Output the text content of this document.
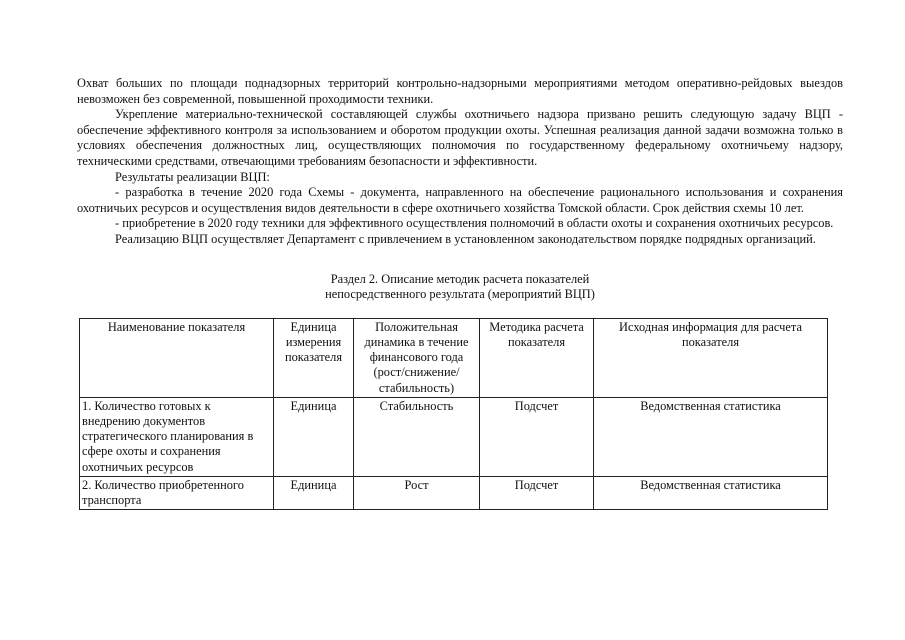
Охват больших по площади поднадзорных территорий контрольно-надзорными мероприятиями методом оперативно-рейдовых выездов невозможен без современной, повышенной проходимости техники.

Укрепление материально-технической составляющей службы охотничьего надзора призвано решить следующую задачу ВЦП - обеспечение эффективного контроля за использованием и оборотом продукции охоты. Успешная реализация данной задачи возможна только в условиях обеспечения должностных лиц, осуществляющих полномочия по государственному федеральному охотничьему надзору, техническими средствами, отвечающими требованиям безопасности и эффективности.

Результаты реализации ВЦП:

- разработка в течение 2020 года Схемы - документа, направленного на обеспечение рационального использования и сохранения охотничьих ресурсов и осуществления видов деятельности в сфере охотничьего хозяйства Томской области. Срок действия схемы 10 лет.

- приобретение в 2020 году техники для эффективного осуществления полномочий в области охоты и сохранения охотничьих ресурсов.

Реализацию ВЦП осуществляет Департамент с привлечением в установленном законодательством порядке подрядных организаций.

Раздел 2. Описание методик расчета показателей
непосредственного результата (мероприятий ВЦП)
Наименование показателя	Единица измерения показателя	Положительная динамика в течение финансового года (рост/снижение/ стабильность)	Методика расчета показателя	Исходная информация для расчета показателя
1. Количество готовых к внедрению документов стратегического планирования в сфере охоты и сохранения охотничьих ресурсов	Единица	Стабильность	Подсчет	Ведомственная статистика
2. Количество приобретенного транспорта	Единица	Рост	Подсчет	Ведомственная статистика
